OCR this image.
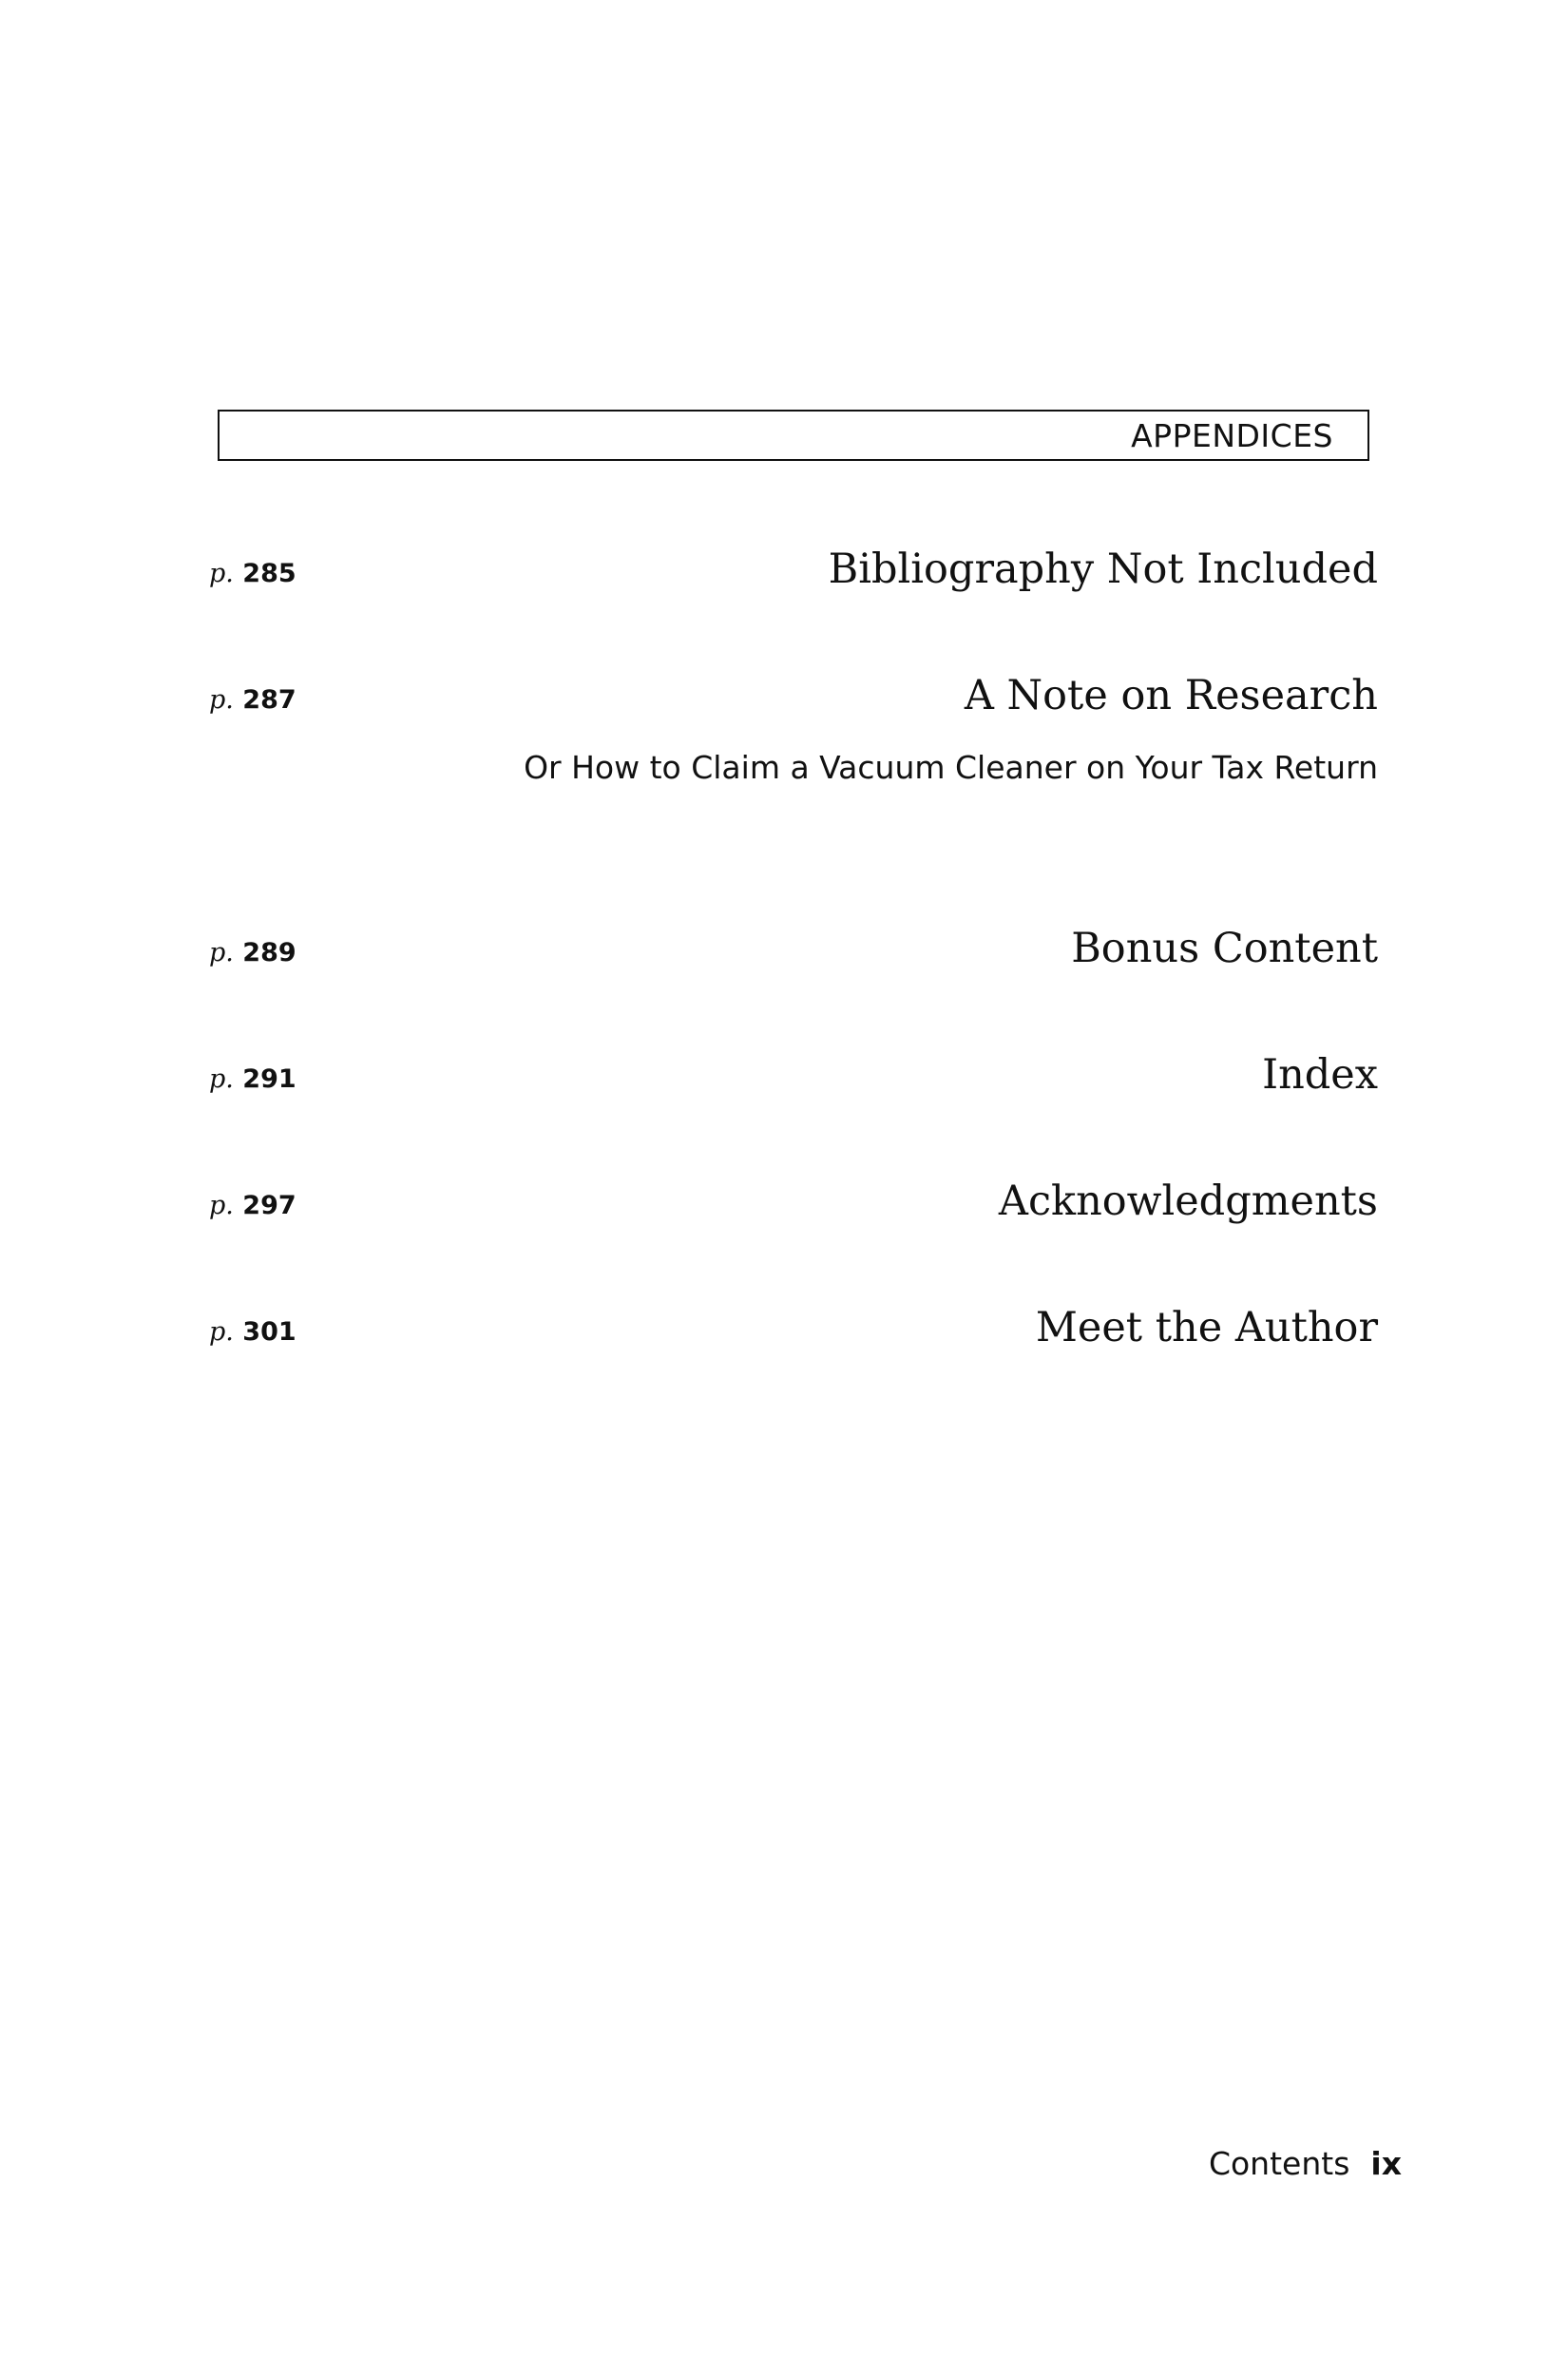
APPENDICES
p. 285	Bibliography Not Included
p. 287	A Note on Research
Or How to Claim a Vacuum Cleaner on Your Tax Return
p. 289	Bonus Content
p. 291	Index
p. 297	Acknowledgments
p. 301	Meet the Author
Contents ix
